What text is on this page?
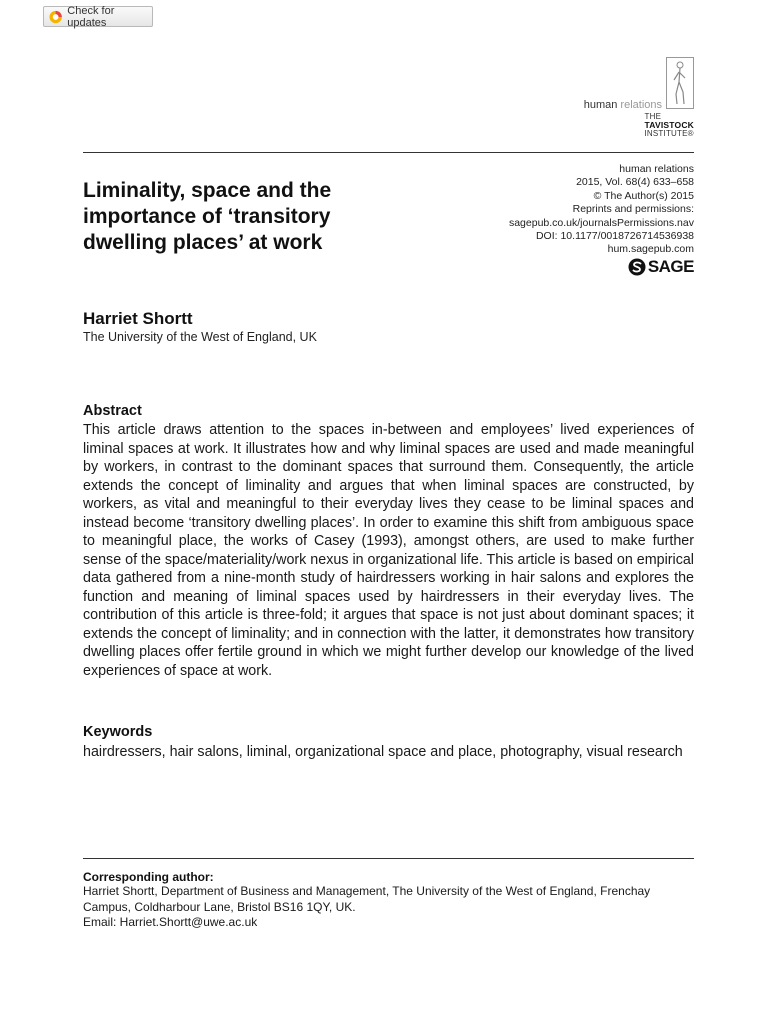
Check for updates
human relations
THE
TAVISTOCK
INSTITUTE®
Liminality, space and the importance of ‘transitory dwelling places’ at work
human relations
2015, Vol. 68(4) 633–658
© The Author(s) 2015
Reprints and permissions:
sagepub.co.uk/journalsPermissions.nav
DOI: 10.1177/0018726714536938
hum.sagepub.com
SAGE
Harriet Shortt
The University of the West of England, UK
Abstract
This article draws attention to the spaces in-between and employees’ lived experiences of liminal spaces at work. It illustrates how and why liminal spaces are used and made meaningful by workers, in contrast to the dominant spaces that surround them. Consequently, the article extends the concept of liminality and argues that when liminal spaces are constructed, by workers, as vital and meaningful to their everyday lives they cease to be liminal spaces and instead become ‘transitory dwelling places’. In order to examine this shift from ambiguous space to meaningful place, the works of Casey (1993), amongst others, are used to make further sense of the space/materiality/work nexus in organizational life. This article is based on empirical data gathered from a nine-month study of hairdressers working in hair salons and explores the function and meaning of liminal spaces used by hairdressers in their everyday lives. The contribution of this article is three-fold; it argues that space is not just about dominant spaces; it extends the concept of liminality; and in connection with the latter, it demonstrates how transitory dwelling places offer fertile ground in which we might further develop our knowledge of the lived experiences of space at work.
Keywords
hairdressers, hair salons, liminal, organizational space and place, photography, visual research
Corresponding author:
Harriet Shortt, Department of Business and Management, The University of the West of England, Frenchay Campus, Coldharbour Lane, Bristol BS16 1QY, UK.
Email: Harriet.Shortt@uwe.ac.uk
